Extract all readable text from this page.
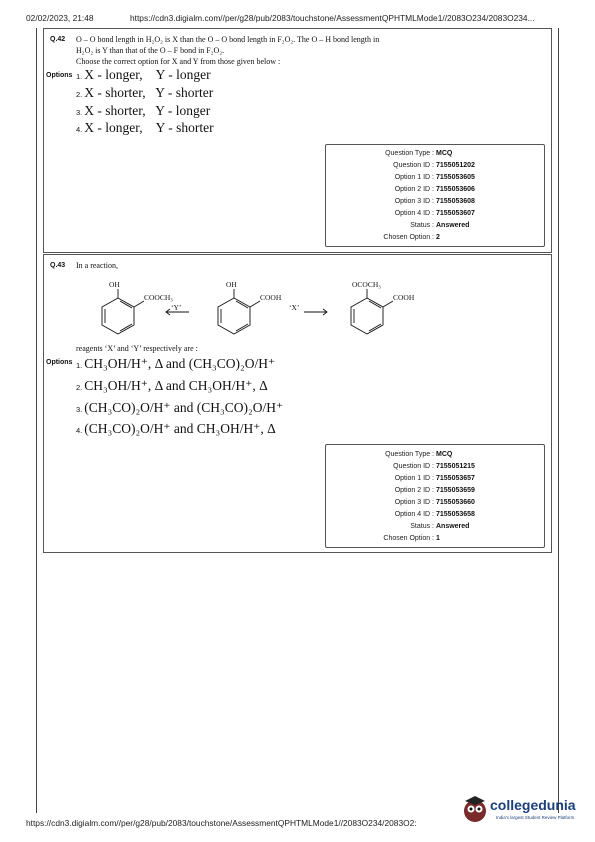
02/02/2023, 21:48	https://cdn3.digialm.com//per/g28/pub/2083/touchstone/AssessmentQPHTMLMode1//2083O234/2083O234...
Q.42 O – O bond length in H₂O₂ is X than the O – O bond length in F₂O₂. The O – H bond length in
H₂O₂ is Y than that of the O – F bond in F₂O₂.
Choose the correct option for X and Y from those given below :
Options 1. X - longer,    Y - longer
2. X - shorter,   Y - shorter
3. X - shorter,   Y - longer
4. X - longer,    Y - shorter
Question Type : MCQ
Question ID : 7155051202
Option 1 ID : 7155053605
Option 2 ID : 7155053606
Option 3 ID : 7155053608
Option 4 ID : 7155053607
Status : Answered
Chosen Option : 2
Q.43 In a reaction,
OH
COOCH₃
‘Y’
OH
COOH
‘X’
OCOCH₃
COOH
reagents ‘X’ and ‘Y’ respectively are :
Options 1. CH₃OH/H⁺, Δ and (CH₃CO)₂O/H⁺
2. CH₃OH/H⁺, Δ and CH₃OH/H⁺, Δ
3. (CH₃CO)₂O/H⁺ and (CH₃CO)₂O/H⁺
4. (CH₃CO)₂O/H⁺ and CH₃OH/H⁺, Δ
Question Type : MCQ
Question ID : 7155051215
Option 1 ID : 7155053657
Option 2 ID : 7155053659
Option 3 ID : 7155053660
Option 4 ID : 7155053658
Status : Answered
Chosen Option : 1
https://cdn3.digialm.com//per/g28/pub/2083/touchstone/AssessmentQPHTMLMode1//2083O234/2083O2:
collegedunia
India's largest Student Review Platform
